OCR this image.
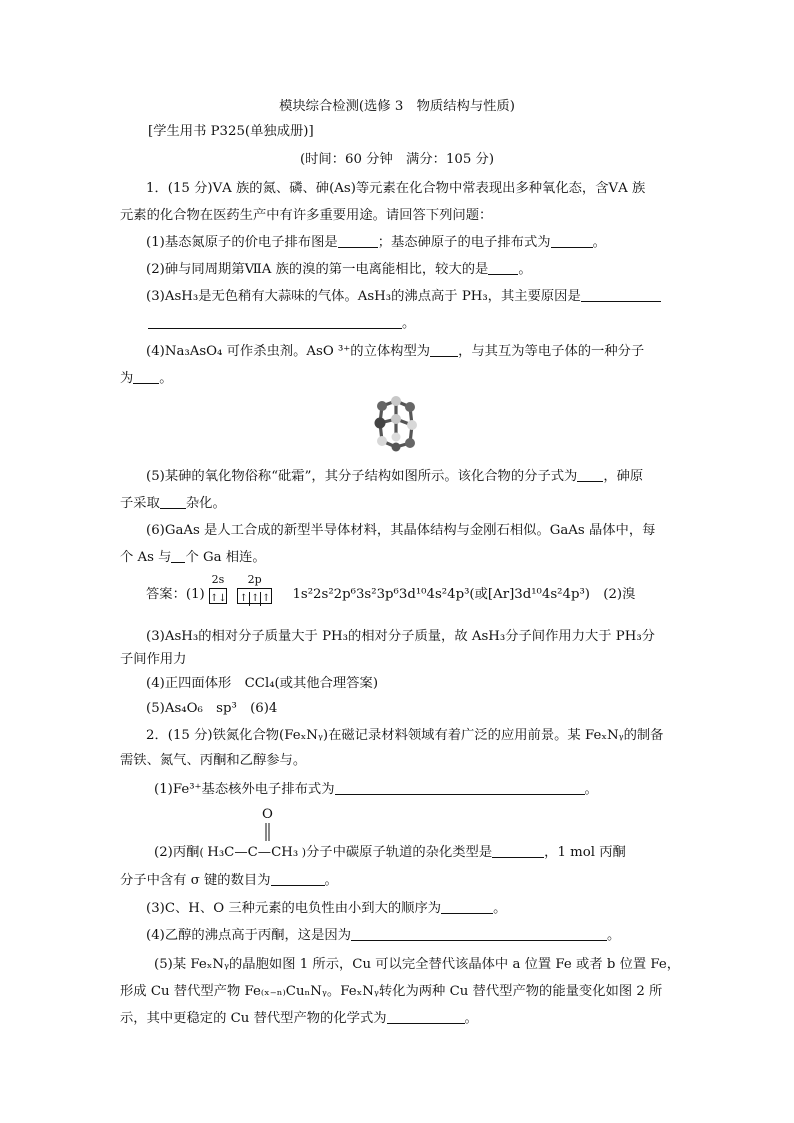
模块综合检测(选修 3　物质结构与性质)
[学生用书 P325(单独成册)]
(时间：60 分钟　满分：105 分)
1．(15 分)ⅤA 族的氮、磷、砷(As)等元素在化合物中常表现出多种氧化态，含ⅤA 族
元素的化合物在医药生产中有许多重要用途。请回答下列问题：
(1)基态氮原子的价电子排布图是	；基态砷原子的电子排布式为	。
(2)砷与同周期第ⅦA 族的溴的第一电离能相比，较大的是 。
(3)AsH₃是无色稍有大蒜味的气体。AsH₃的沸点高于 PH₃，其主要原因是
。
(4)Na₃AsO₄ 可作杀虫剂。AsO ³⁺的立体构型为 ，与其互为等电子体的一种分子
为 。
(5)某砷的氧化物俗称“砒霜”，其分子结构如图所示。该化合物的分子式为 ，砷原
子采取 杂化。
(6)GaAs 是人工合成的新型半导体材料，其晶体结构与金刚石相似。GaAs 晶体中，每
个 As 与 个 Ga 相连。
答案：(1)
2s
↑↓
2p
↑ ↑ ↑ 1s²2s²2p⁶3s²3p⁶3d¹⁰4s²4p³(或[Ar]3d¹⁰4s²4p³)　(2)溴
(3)AsH₃的相对分子质量大于 PH₃的相对分子质量，故 AsH₃分子间作用力大于 PH₃分
子间作用力
(4)正四面体形　CCl₄(或其他合理答案)
(5)As₄O₆　sp³　(6)4
2．(15 分)铁氮化合物(FeₓNᵧ)在磁记录材料领域有着广泛的应用前景。某 FeₓNᵧ的制备
需铁、氮气、丙酮和乙醇参与。
(1)Fe³⁺基态核外电子排布式为	。
O
(2)丙酮( H₃C—C—CH₃ )分子中碳原子轨道的杂化类型是	，1 mol 丙酮
分子中含有 σ 键的数目为	。
(3)C、H、O 三种元素的电负性由小到大的顺序为	。
(4)乙醇的沸点高于丙酮，这是因为	。
(5)某 FeₓNᵧ的晶胞如图 1 所示，Cu 可以完全替代该晶体中 a 位置 Fe 或者 b 位置 Fe，
形成 Cu 替代型产物 Fe₍ₓ₋ₙ₎CuₙNᵧ。FeₓNᵧ转化为两种 Cu 替代型产物的能量变化如图 2 所
示，其中更稳定的 Cu 替代型产物的化学式为	。
